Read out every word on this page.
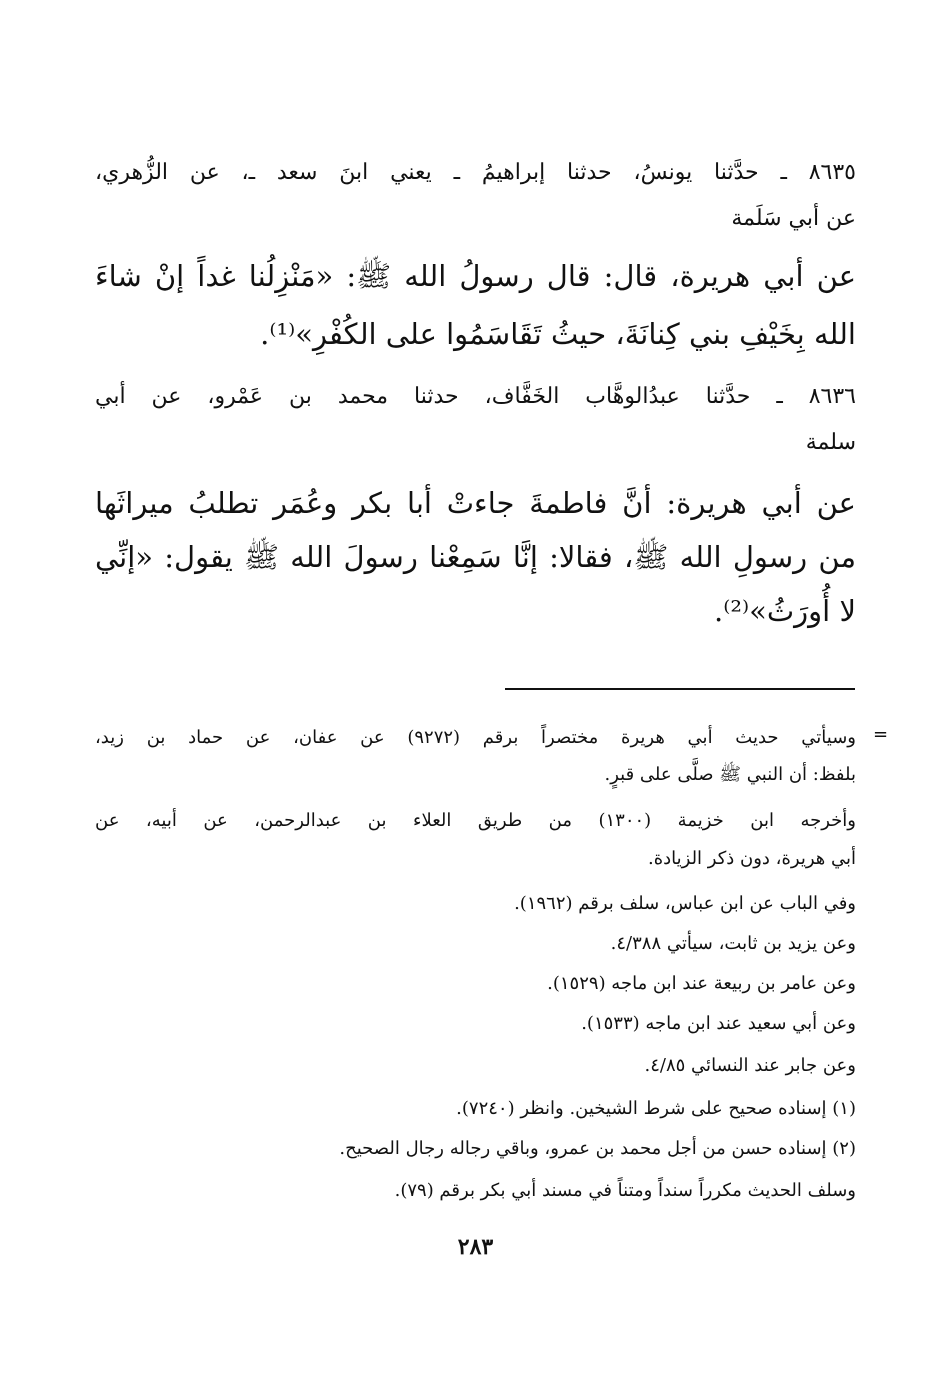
٨٦٣٥ ـ حدَّثنا يونسُ، حدثنا إبراهيمُ ـ يعني ابنَ سعد ـ، عن الزُّهري،
عن أبي سَلَمة
عن أبي هريرة، قال: قال رسولُ الله ﷺ: «مَنْزِلُنا غداً إنْ شاءَ
الله بِخَيْفِ بني كِنانَةَ، حيثُ تَقَاسَمُوا على الكُفْرِ»⁽¹⁾.
٨٦٣٦ ـ حدَّثنا عبدُالوهَّاب الخَفَّاف، حدثنا محمد بن عَمْرو، عن أبي
سلمة
عن أبي هريرة: أنَّ فاطمةَ جاءتْ أبا بكر وعُمَر تطلبُ ميراثَها
من رسولِ الله ﷺ، فقالا: إنَّا سَمِعْنا رسولَ الله ﷺ يقول: «إنِّي
لا أُورَثُ»⁽²⁾.
=
وسيأتي حديث أبي هريرة مختصراً برقم (٩٢٧٢) عن عفان، عن حماد بن زيد،
بلفظ: أن النبي ﷺ صلَّى على قبرٍ.
وأخرجه ابن خزيمة (١٣٠٠) من طريق العلاء بن عبدالرحمن، عن أبيه، عن
أبي هريرة، دون ذكر الزيادة.
وفي الباب عن ابن عباس، سلف برقم (١٩٦٢).
وعن يزيد بن ثابت، سيأتي ٤/٣٨٨.
وعن عامر بن ربيعة عند ابن ماجه (١٥٢٩).
وعن أبي سعيد عند ابن ماجه (١٥٣٣).
وعن جابر عند النسائي ٤/٨٥.
(١) إسناده صحيح على شرط الشيخين. وانظر (٧٢٤٠).
(٢) إسناده حسن من أجل محمد بن عمرو، وباقي رجاله رجال الصحيح.
وسلف الحديث مكرراً سنداً ومتناً في مسند أبي بكر برقم (٧٩).
٢٨٣
